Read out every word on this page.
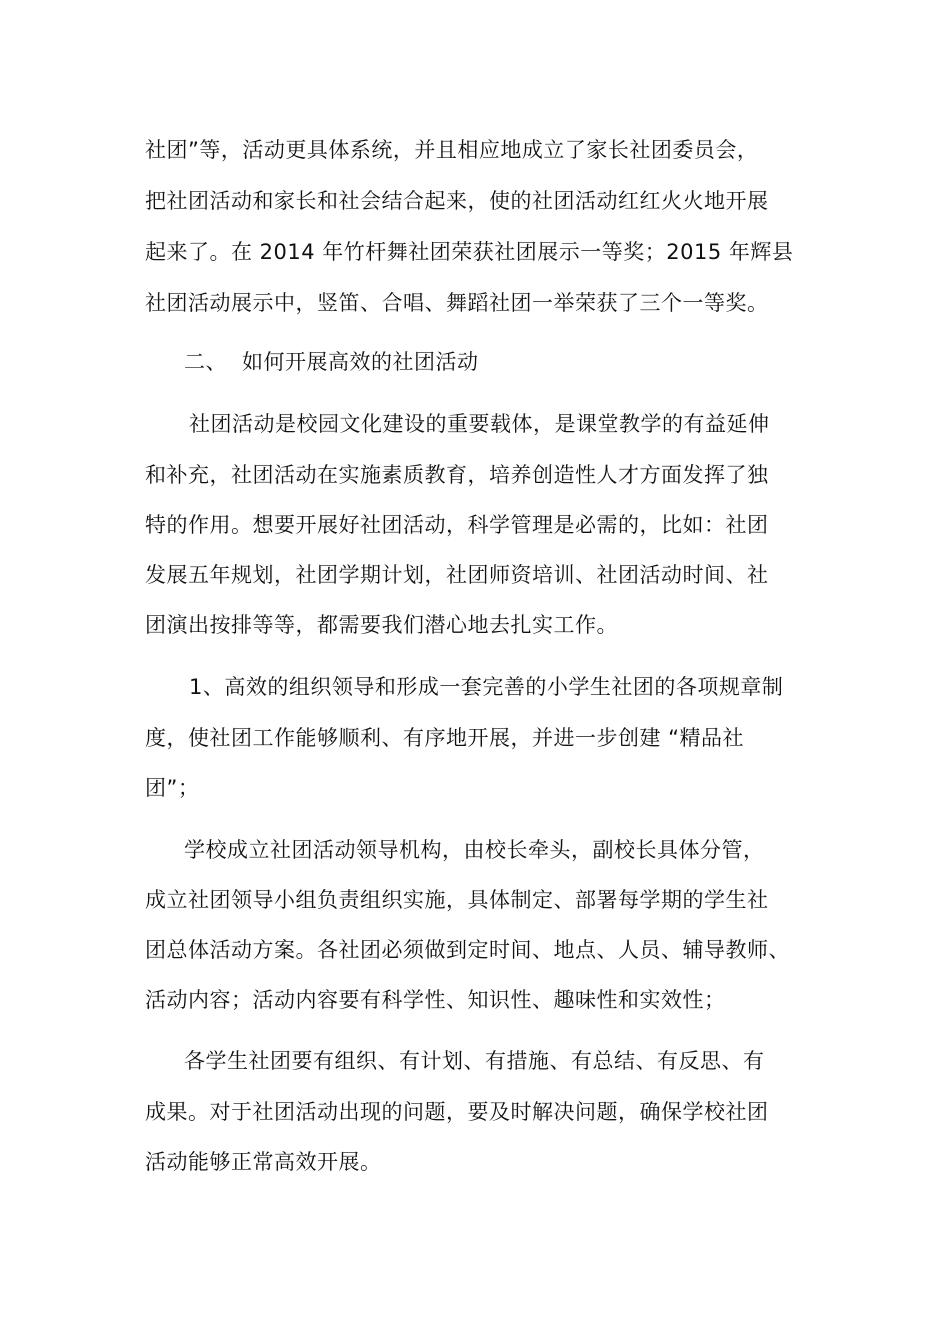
社团”等，活动更具体系统，并且相应地成立了家长社团委员会，
把社团活动和家长和社会结合起来，使的社团活动红红火火地开展
起来了。在 2014 年竹杆舞社团荣获社团展示一等奖；2015 年辉县
社团活动展示中，竖笛、合唱、舞蹈社团一举荣获了三个一等奖。
二、 如何开展高效的社团活动
社团活动是校园文化建设的重要载体，是课堂教学的有益延伸
和补充，社团活动在实施素质教育，培养创造性人才方面发挥了独
特的作用。想要开展好社团活动，科学管理是必需的，比如：社团
发展五年规划，社团学期计划，社团师资培训、社团活动时间、社
团演出按排等等，都需要我们潜心地去扎实工作。
1、高效的组织领导和形成一套完善的小学生社团的各项规章制
度，使社团工作能够顺利、有序地开展，并进一步创建 “精品社
团”；
学校成立社团活动领导机构，由校长牵头，副校长具体分管，
成立社团领导小组负责组织实施，具体制定、部署每学期的学生社
团总体活动方案。各社团必须做到定时间、地点、人员、辅导教师、
活动内容；活动内容要有科学性、知识性、趣味性和实效性；
各学生社团要有组织、有计划、有措施、有总结、有反思、有
成果。对于社团活动出现的问题，要及时解决问题，确保学校社团
活动能够正常高效开展。
